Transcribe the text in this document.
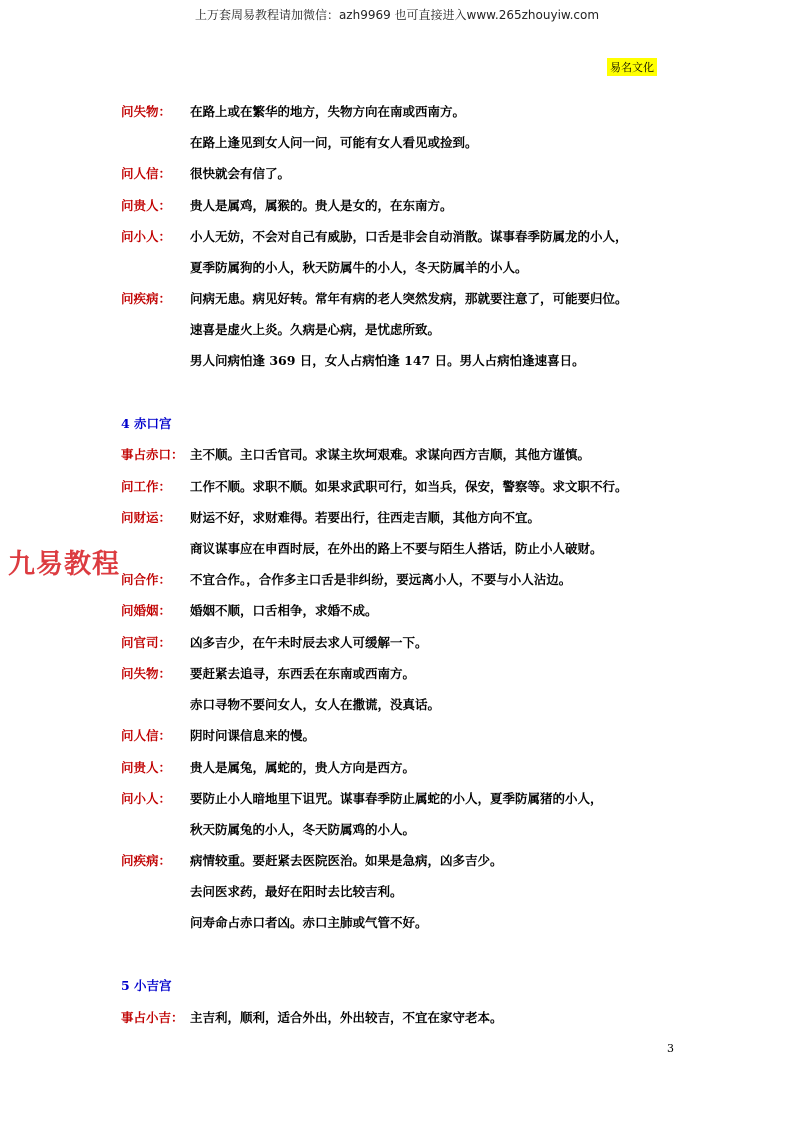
上万套周易教程请加微信：azh9969 也可直接进入www.265zhouyiw.com
易名文化
问失物： 在路上或在繁华的地方，失物方向在南或西南方。
在路上逢见到女人问一问，可能有女人看见或捡到。
问人信： 很快就会有信了。
问贵人： 贵人是属鸡，属猴的。贵人是女的，在东南方。
问小人： 小人无妨，不会对自己有威胁，口舌是非会自动消散。谋事春季防属龙的小人，
夏季防属狗的小人，秋天防属牛的小人，冬天防属羊的小人。
问疾病： 问病无患。病见好转。常年有病的老人突然发病，那就要注意了，可能要归位。
速喜是虚火上炎。久病是心病，是忧虑所致。
男人问病怕逢 369 日，女人占病怕逢 147 日。男人占病怕逢速喜日。
4 赤口宫
事占赤口： 主不顺。主口舌官司。求谋主坎坷艰难。求谋向西方吉顺，其他方谨慎。
问工作： 工作不顺。求职不顺。如果求武职可行，如当兵，保安，警察等。求文职不行。
问财运： 财运不好，求财难得。若要出行，往西走吉顺，其他方向不宜。
商议谋事应在申酉时辰，在外出的路上不要与陌生人搭话，防止小人破财。
问合作： 不宜合作。，合作多主口舌是非纠纷，要远离小人，不要与小人沾边。
问婚姻： 婚姻不顺，口舌相争，求婚不成。
问官司： 凶多吉少，在午未时辰去求人可缓解一下。
问失物： 要赶紧去追寻，东西丢在东南或西南方。
赤口寻物不要问女人，女人在撒谎，没真话。
问人信： 阴时问课信息来的慢。
问贵人： 贵人是属兔，属蛇的，贵人方向是西方。
问小人： 要防止小人暗地里下诅咒。谋事春季防止属蛇的小人，夏季防属猪的小人，
秋天防属兔的小人，冬天防属鸡的小人。
问疾病： 病情较重。要赶紧去医院医治。如果是急病，凶多吉少。
去问医求药，最好在阳时去比较吉利。
问寿命占赤口者凶。赤口主肺或气管不好。
5 小吉宫
事占小吉： 主吉利，顺利，适合外出，外出较吉，不宜在家守老本。
九易教程
3
